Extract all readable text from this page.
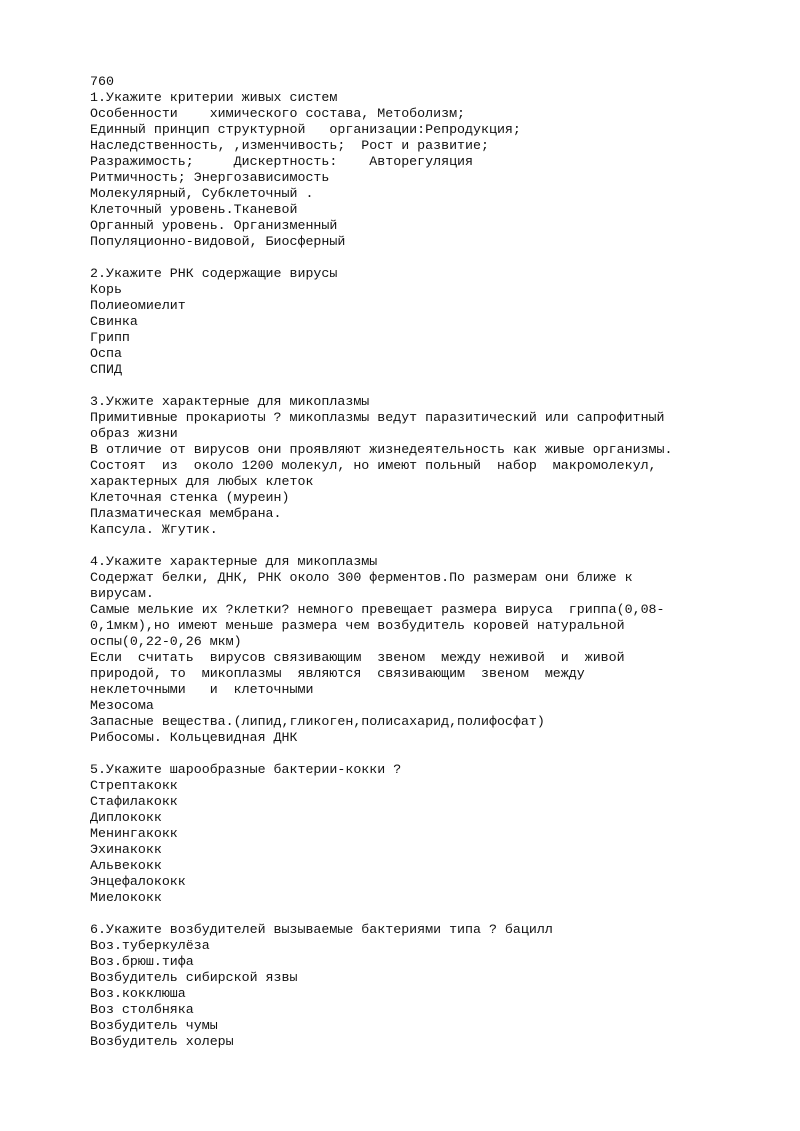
760
1.Укажите критерии живых систем
Особенности    химического состава, Метоболизм;
Единный принцип структурной   организации:Репродукция;
Наследственность, ,изменчивость;  Рост и развитие;
Разражимость;     Дискертность:    Авторегуляция
Ритмичность; Энергозависимость
Молекулярный, Субклеточный .
Клеточный уровень.Тканевой
Органный уровень. Организменный
Популяционно-видовой, Биосферный
2.Укажите РНК содержащие вирусы
Корь
Полиеомиелит
Свинка
Грипп
Оспа
СПИД
3.Укжите характерные для микоплазмы
Примитивные прокариоты ? микоплазмы ведут паразитический или сапрофитный
образ жизни
В отличие от вирусов они проявляют жизнедеятельность как живые организмы.
Состоят  из  около 1200 молекул, но имеют польный  набор  макромолекул,
характерных для любых клеток
Клеточная стенка (муреин)
Плазматическая мембрана.
Капсула. Жгутик.
4.Укажите характерные для микоплазмы
Содержат белки, ДНК, РНК около 300 ферментов.По размерам они ближе к
вирусам.
Самые мелькие их ?клетки? немного превещает размера вируса  гриппа(0,08-
0,1мкм),но имеют меньше размера чем возбудитель коровей натуральной
оспы(0,22-0,26 мкм)
Если  считать  вирусов связивающим  звеном  между неживой  и  живой
природой, то  микоплазмы  являются  связивающим  звеном  между
неклеточными   и  клеточными
Мезосома
Запасные вещества.(липид,гликоген,полисахарид,полифосфат)
Рибосомы. Кольцевидная ДНК
5.Укажите шарообразные бактерии-кокки ?
Стрептакокк
Стафилакокк
Диплококк
Менингакокк
Эхинакокк
Альвекокк
Энцефалококк
Миелококк
6.Укажите возбудителей вызываемые бактериями типа ? бацилл
Воз.туберкулёза
Воз.брюш.тифа
Возбудитель сибирской язвы
Воз.кокклюша
Воз столбняка
Возбудитель чумы
Возбудитель холеры
